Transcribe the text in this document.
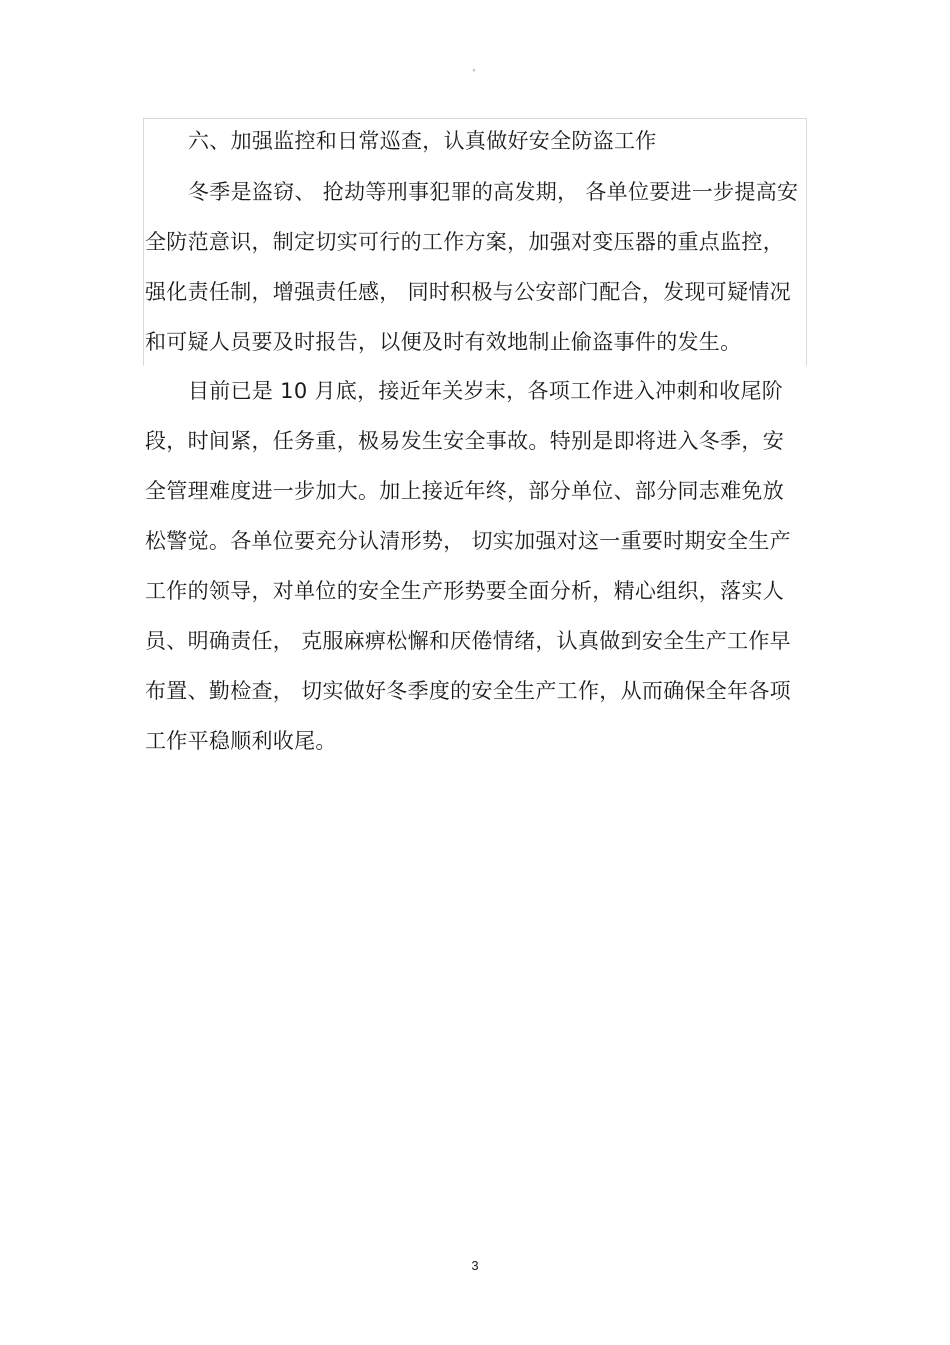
°

六、加强监控和日常巡查，认真做好安全防盗工作

冬季是盗窃、 抢劫等刑事犯罪的高发期， 各单位要进一步提高安

全防范意识，制定切实可行的工作方案，加强对变压器的重点监控，

强化责任制，增强责任感， 同时积极与公安部门配合，发现可疑情况

和可疑人员要及时报告，以便及时有效地制止偷盗事件的发生。

目前已是 10 月底，接近年关岁末，各项工作进入冲刺和收尾阶

段，时间紧，任务重，极易发生安全事故。特别是即将进入冬季，安

全管理难度进一步加大。加上接近年终，部分单位、部分同志难免放

松警觉。各单位要充分认清形势， 切实加强对这一重要时期安全生产

工作的领导，对单位的安全生产形势要全面分析，精心组织，落实人

员、明确责任， 克服麻痹松懈和厌倦情绪，认真做到安全生产工作早

布置、勤检查， 切实做好冬季度的安全生产工作，从而确保全年各项

工作平稳顺利收尾。

3
